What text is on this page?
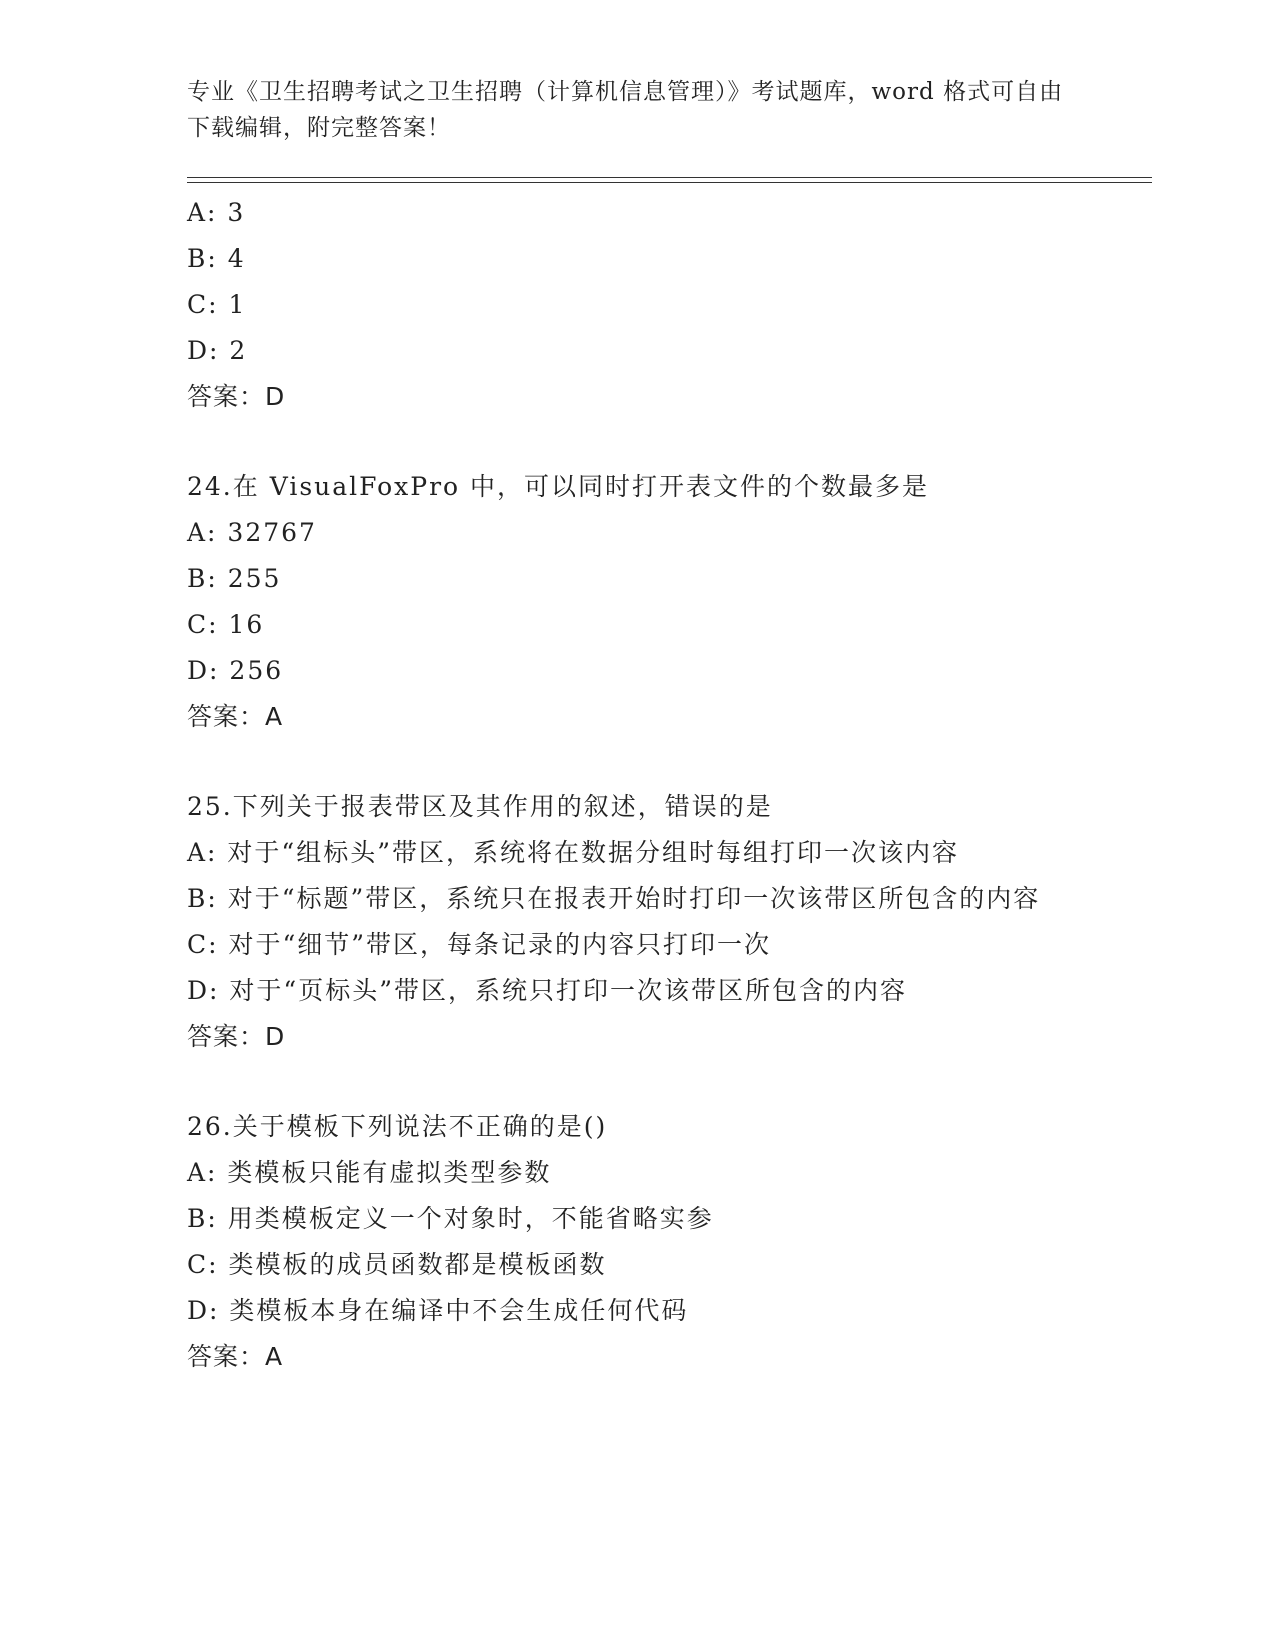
专业《卫生招聘考试之卫生招聘（计算机信息管理）》考试题库，word 格式可自由下载编辑，附完整答案！
A: 3
B: 4
C: 1
D: 2
答案：D
24.在 VisualFoxPro 中，可以同时打开表文件的个数最多是
A: 32767
B: 255
C: 16
D: 256
答案：A
25.下列关于报表带区及其作用的叙述，错误的是
A: 对于“组标头”带区，系统将在数据分组时每组打印一次该内容
B: 对于“标题”带区，系统只在报表开始时打印一次该带区所包含的内容
C: 对于“细节”带区，每条记录的内容只打印一次
D: 对于“页标头”带区，系统只打印一次该带区所包含的内容
答案：D
26.关于模板下列说法不正确的是()
A: 类模板只能有虚拟类型参数
B: 用类模板定义一个对象时，不能省略实参
C: 类模板的成员函数都是模板函数
D: 类模板本身在编译中不会生成任何代码
答案：A
